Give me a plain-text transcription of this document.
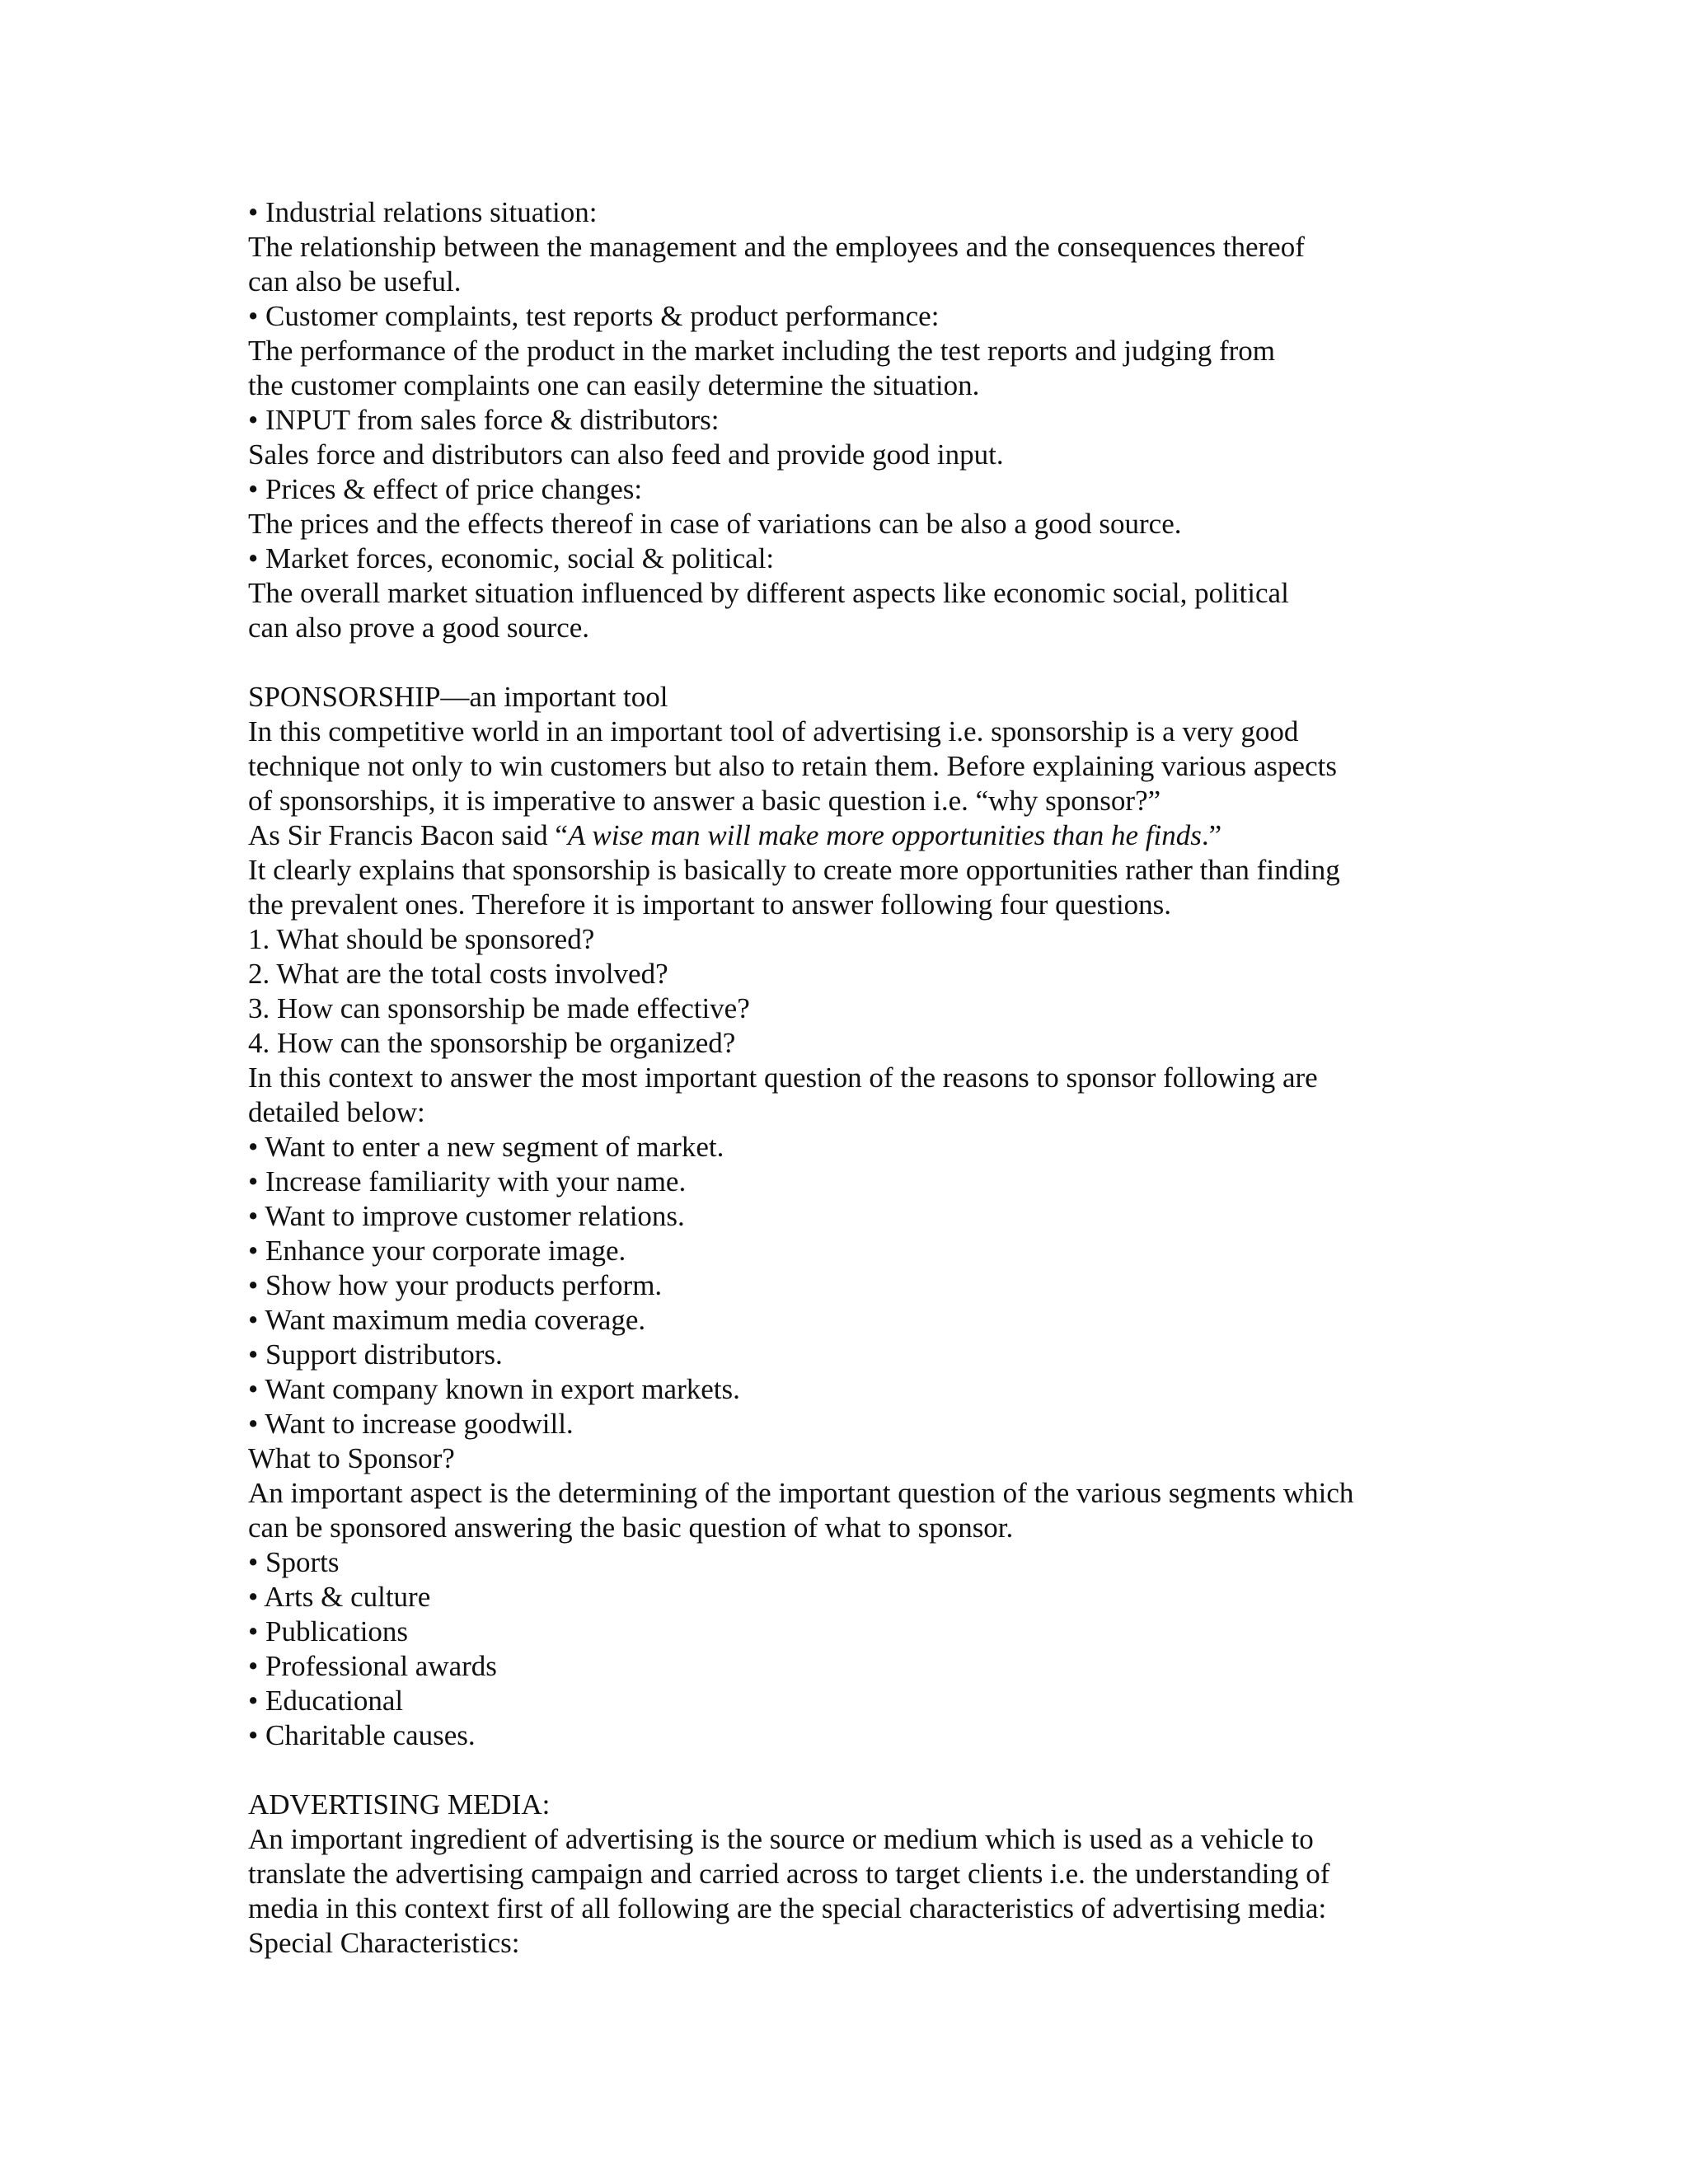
• Industrial relations situation:
The relationship between the management and the employees and the consequences thereof
can also be useful.
• Customer complaints, test reports & product performance:
The performance of the product in the market including the test reports and judging from
the customer complaints one can easily determine the situation.
• INPUT from sales force & distributors:
Sales force and distributors can also feed and provide good input.
• Prices & effect of price changes:
The prices and the effects thereof in case of variations can be also a good source.
• Market forces, economic, social & political:
The overall market situation influenced by different aspects like economic social, political
can also prove a good source.
SPONSORSHIP—an important tool
In this competitive world in an important tool of advertising i.e. sponsorship is a very good
technique not only to win customers but also to retain them. Before explaining various aspects
of sponsorships, it is imperative to answer a basic question i.e. “why sponsor?”
As Sir Francis Bacon said “A wise man will make more opportunities than he finds.”
It clearly explains that sponsorship is basically to create more opportunities rather than finding
the prevalent ones. Therefore it is important to answer following four questions.
1. What should be sponsored?
2. What are the total costs involved?
3. How can sponsorship be made effective?
4. How can the sponsorship be organized?
In this context to answer the most important question of the reasons to sponsor following are
detailed below:
• Want to enter a new segment of market.
• Increase familiarity with your name.
• Want to improve customer relations.
• Enhance your corporate image.
• Show how your products perform.
• Want maximum media coverage.
• Support distributors.
• Want company known in export markets.
• Want to increase goodwill.
What to Sponsor?
An important aspect is the determining of the important question of the various segments which
can be sponsored answering the basic question of what to sponsor.
• Sports
• Arts & culture
• Publications
• Professional awards
• Educational
• Charitable causes.
ADVERTISING MEDIA:
An important ingredient of advertising is the source or medium which is used as a vehicle to
translate the advertising campaign and carried across to target clients i.e. the understanding of
media in this context first of all following are the special characteristics of advertising media:
Special Characteristics:
